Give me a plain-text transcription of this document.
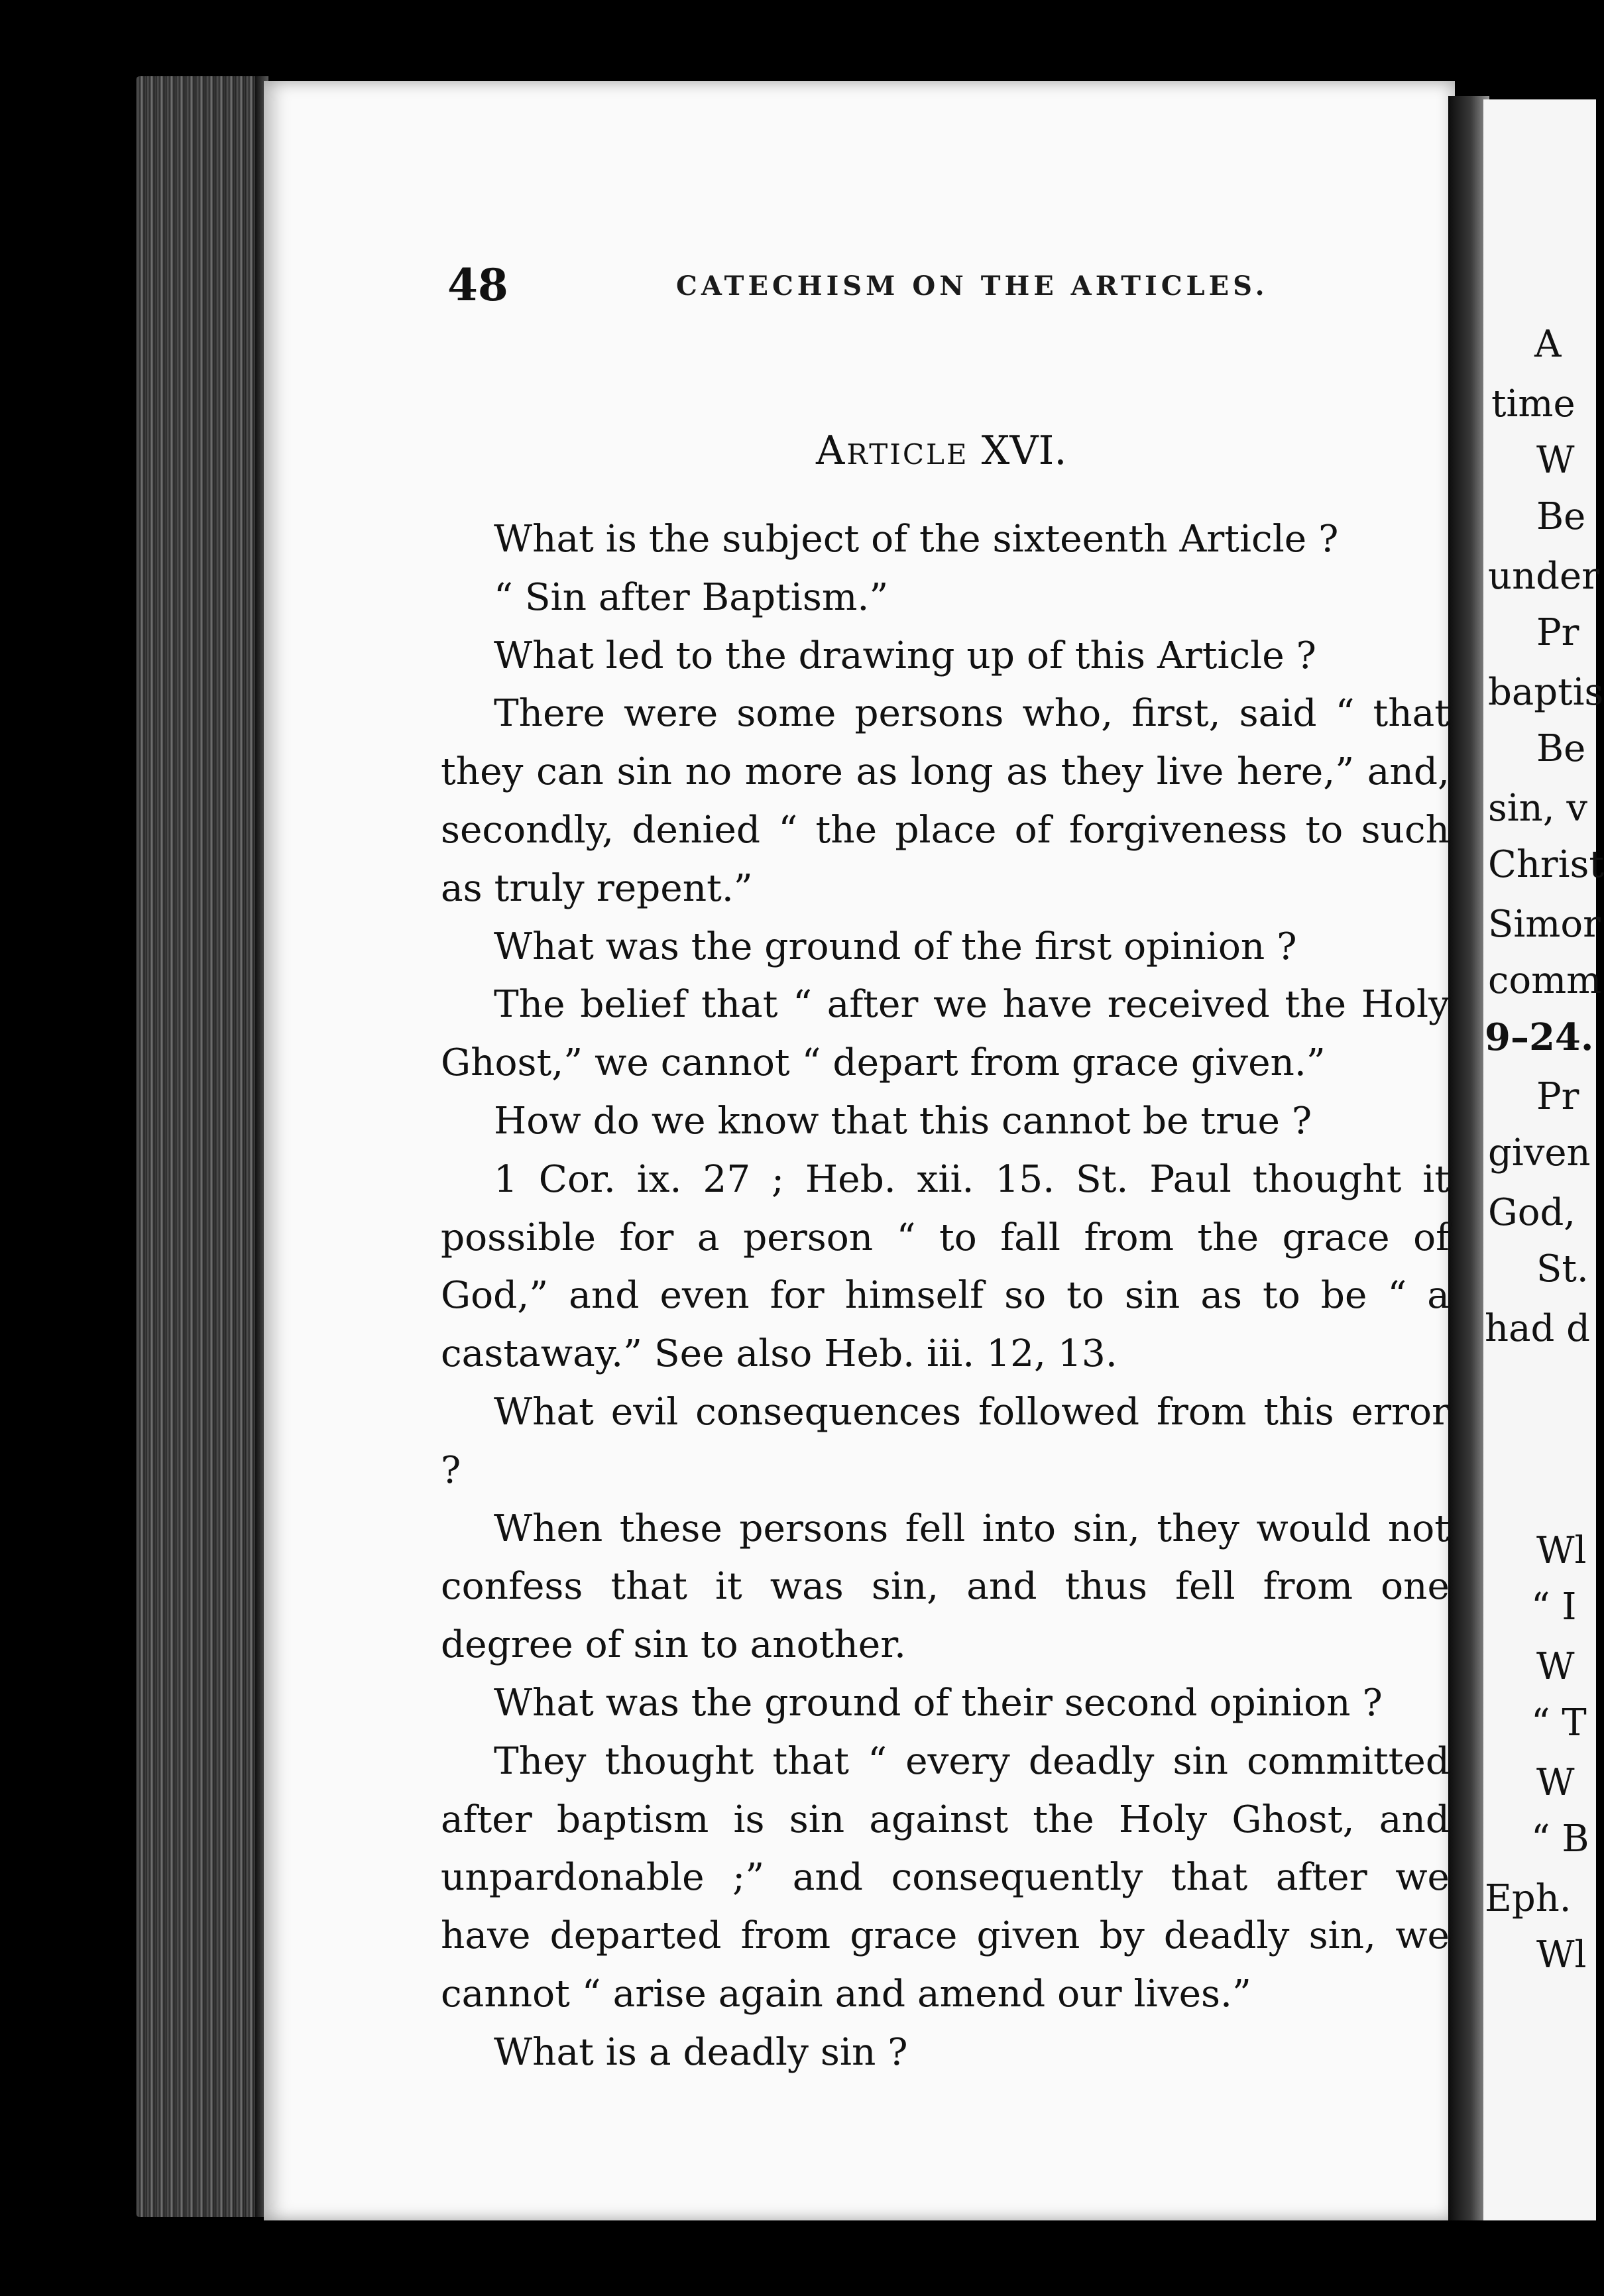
48	CATECHISM ON THE ARTICLES.
Article XVI.

What is the subject of the sixteenth Article ?

“ Sin after Baptism.”

What led to the drawing up of this Article ?

There were some persons who, first, said “ that they can sin no more as long as they live here,” and, secondly, denied “ the place of forgiveness to such as truly repent.”

What was the ground of the first opinion ?

The belief that “ after we have received the Holy Ghost,” we cannot “ depart from grace given.”

How do we know that this cannot be true ?

1 Cor. ix. 27 ; Heb. xii. 15. St. Paul thought it possible for a person “ to fall from the grace of God,” and even for himself so to sin as to be “ a castaway.” See also Heb. iii. 12, 13.

What evil consequences followed from this error ?

When these persons fell into sin, they would not confess that it was sin, and thus fell from one degree of sin to another.

What was the ground of their second opinion ?

They thought that “ every deadly sin committed after baptism is sin against the Holy Ghost, and unpardonable ;” and consequently that after we have departed from grace given by deadly sin, we cannot “ arise again and amend our lives.”

What is a deadly sin ?

A
time
W
Be
under
Pr
baptis
Be
sin, v
Christ
Simor
comm
9–24.
Pr
given
God,
St.
had d
Wl
“ I
W
“ T
W
“ B
Eph.
Wl
